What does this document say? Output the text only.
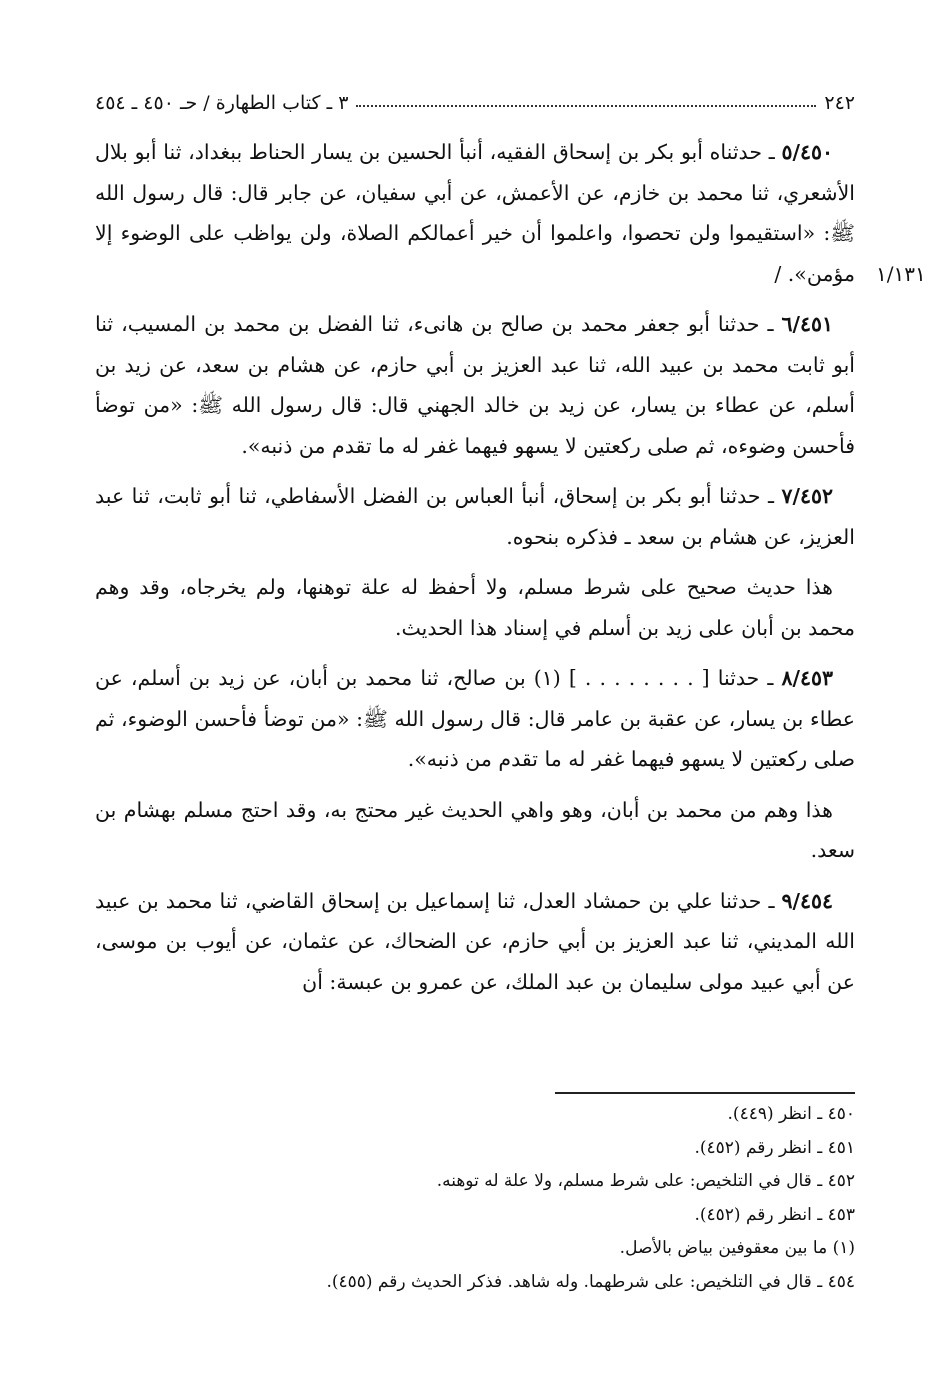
٢٤٢
٣ ـ كتاب الطهارة / حـ ٤٥٠ ـ ٤٥٤
١/١٣١

٥/٤٥٠ ـ حدثناه أبو بكر بن إسحاق الفقيه، أنبأ الحسين بن يسار الحناط ببغداد، ثنا أبو بلال الأشعري، ثنا محمد بن خازم، عن الأعمش، عن أبي سفيان، عن جابر قال: قال رسول الله ﷺ: «استقيموا ولن تحصوا، واعلموا أن خير أعمالكم الصلاة، ولن يواظب على الوضوء إلا مؤمن». /

٦/٤٥١ ـ حدثنا أبو جعفر محمد بن صالح بن هانىء، ثنا الفضل بن محمد بن المسيب، ثنا أبو ثابت محمد بن عبيد الله، ثنا عبد العزيز بن أبي حازم، عن هشام بن سعد، عن زيد بن أسلم، عن عطاء بن يسار، عن زيد بن خالد الجهني قال: قال رسول الله ﷺ: «من توضأ فأحسن وضوءه، ثم صلى ركعتين لا يسهو فيهما غفر له ما تقدم من ذنبه».

٧/٤٥٢ ـ حدثنا أبو بكر بن إسحاق، أنبأ العباس بن الفضل الأسفاطي، ثنا أبو ثابت، ثنا عبد العزيز، عن هشام بن سعد ـ فذكره بنحوه.

هذا حديث صحيح على شرط مسلم، ولا أحفظ له علة توهنها، ولم يخرجاه، وقد وهم محمد بن أبان على زيد بن أسلم في إسناد هذا الحديث.

٨/٤٥٣ ـ حدثنا [ . . . . . . . . ] (١) بن صالح، ثنا محمد بن أبان، عن زيد بن أسلم، عن عطاء بن يسار، عن عقبة بن عامر قال: قال رسول الله ﷺ: «من توضأ فأحسن الوضوء، ثم صلى ركعتين لا يسهو فيهما غفر له ما تقدم من ذنبه».

هذا وهم من محمد بن أبان، وهو واهي الحديث غير محتج به، وقد احتج مسلم بهشام بن سعد.

٩/٤٥٤ ـ حدثنا علي بن حمشاد العدل، ثنا إسماعيل بن إسحاق القاضي، ثنا محمد بن عبيد الله المديني، ثنا عبد العزيز بن أبي حازم، عن الضحاك، عن عثمان، عن أيوب بن موسى، عن أبي عبيد مولى سليمان بن عبد الملك، عن عمرو بن عبسة: أن

٤٥٠ ـ انظر (٤٤٩).

٤٥١ ـ انظر رقم (٤٥٢).

٤٥٢ ـ قال في التلخيص: على شرط مسلم، ولا علة له توهنه.

٤٥٣ ـ انظر رقم (٤٥٢).

(١) ما بين معقوفين بياض بالأصل.

٤٥٤ ـ قال في التلخيص: على شرطهما. وله شاهد. فذكر الحديث رقم (٤٥٥).
